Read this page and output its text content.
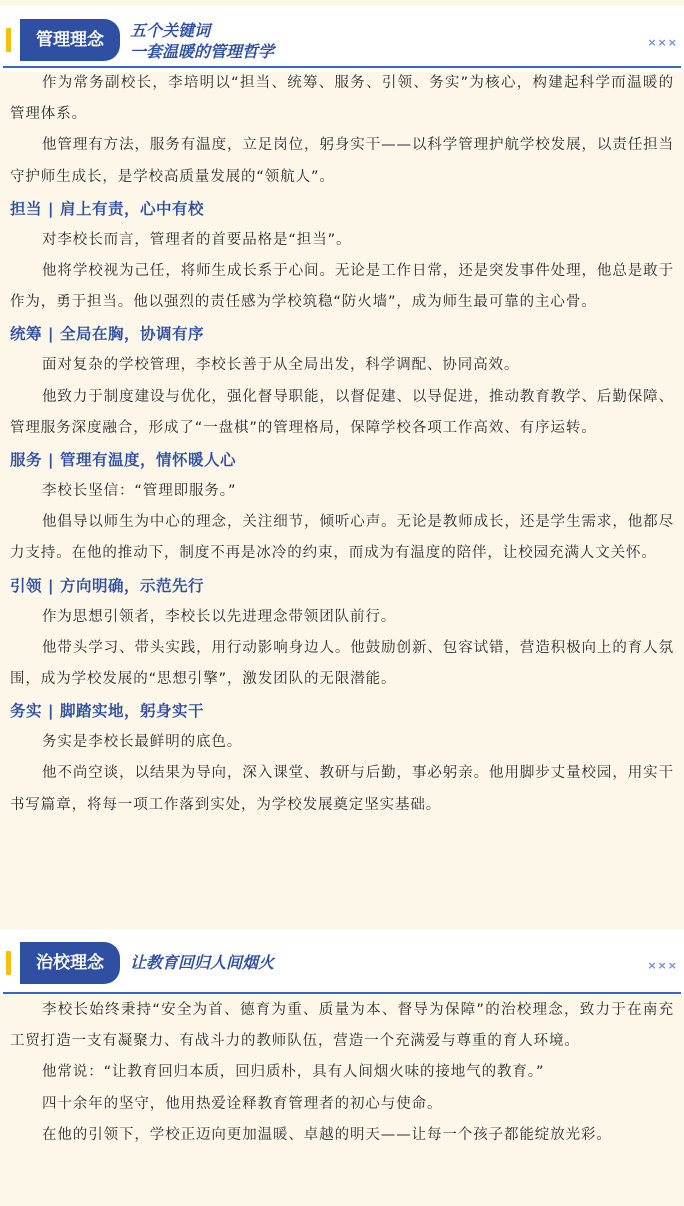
管理理念	五个关键词
一套温暖的管理哲学	×××

作为常务副校长，李培明以“担当、统筹、服务、引领、务实”为核心，构建起科学而温暖的管理体系。

他管理有方法，服务有温度，立足岗位，躬身实干——以科学管理护航学校发展，以责任担当守护师生成长，是学校高质量发展的“领航人”。

担当 | 肩上有责，心中有校

对李校长而言，管理者的首要品格是“担当”。

他将学校视为己任，将师生成长系于心间。无论是工作日常，还是突发事件处理，他总是敢于作为，勇于担当。他以强烈的责任感为学校筑稳“防火墙”，成为师生最可靠的主心骨。

统筹 | 全局在胸，协调有序

面对复杂的学校管理，李校长善于从全局出发，科学调配、协同高效。

他致力于制度建设与优化，强化督导职能，以督促建、以导促进，推动教育教学、后勤保障、管理服务深度融合，形成了“一盘棋”的管理格局，保障学校各项工作高效、有序运转。

服务 | 管理有温度，情怀暖人心

李校长坚信：“管理即服务。”

他倡导以师生为中心的理念，关注细节，倾听心声。无论是教师成长，还是学生需求，他都尽力支持。在他的推动下，制度不再是冰冷的约束，而成为有温度的陪伴，让校园充满人文关怀。

引领 | 方向明确，示范先行

作为思想引领者，李校长以先进理念带领团队前行。

他带头学习、带头实践，用行动影响身边人。他鼓励创新、包容试错，营造积极向上的育人氛围，成为学校发展的“思想引擎”，激发团队的无限潜能。

务实 | 脚踏实地，躬身实干

务实是李校长最鲜明的底色。

他不尚空谈，以结果为导向，深入课堂、教研与后勤，事必躬亲。他用脚步丈量校园，用实干书写篇章，将每一项工作落到实处，为学校发展奠定坚实基础。

治校理念	让教育回归人间烟火	×××

李校长始终秉持“安全为首、德育为重、质量为本、督导为保障”的治校理念，致力于在南充工贸打造一支有凝聚力、有战斗力的教师队伍，营造一个充满爱与尊重的育人环境。

他常说：“让教育回归本质，回归质朴，具有人间烟火味的接地气的教育。”

四十余年的坚守，他用热爱诠释教育管理者的初心与使命。

在他的引领下，学校正迈向更加温暖、卓越的明天——让每一个孩子都能绽放光彩。
